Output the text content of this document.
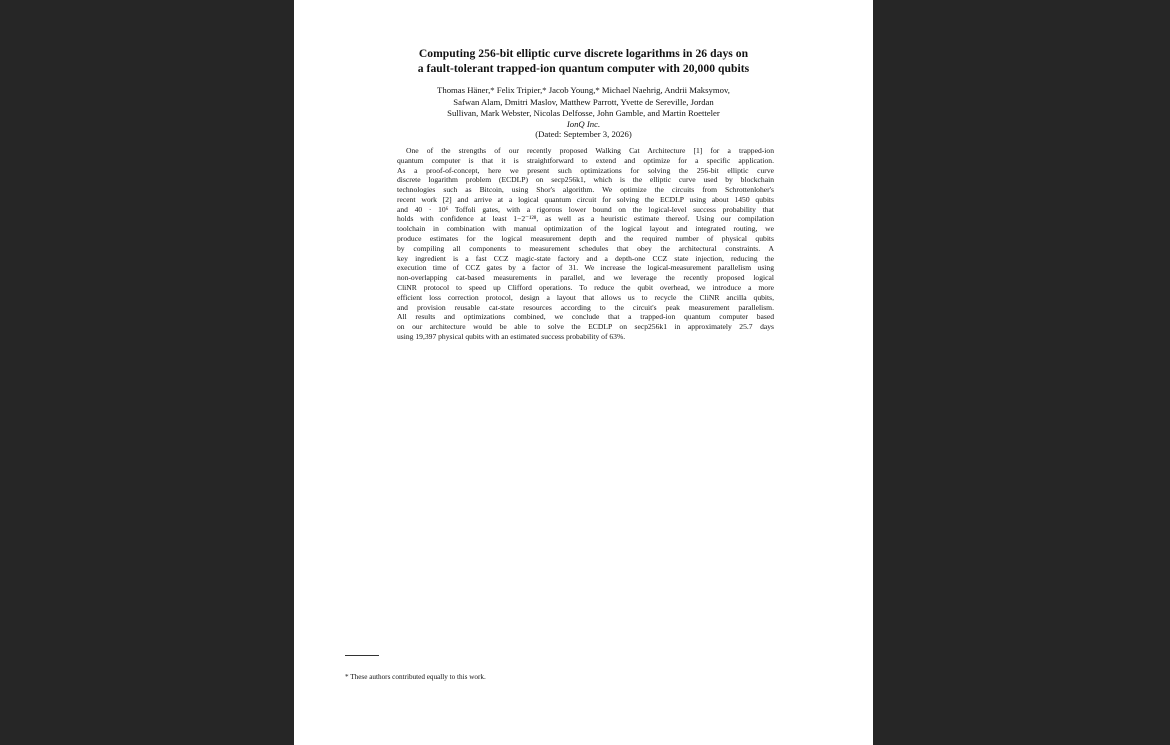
Computing 256-bit elliptic curve discrete logarithms in 26 days on
a fault-tolerant trapped-ion quantum computer with 20,000 qubits
Thomas Häner,* Felix Tripier,* Jacob Young,* Michael Naehrig, Andrii Maksymov,
Safwan Alam, Dmitri Maslov, Matthew Parrott, Yvette de Sereville, Jordan
Sullivan, Mark Webster, Nicolas Delfosse, John Gamble, and Martin Roetteler
IonQ Inc.
(Dated: September 3, 2026)
One of the strengths of our recently proposed Walking Cat Architecture [1] for a trapped-ion
quantum computer is that it is straightforward to extend and optimize for a specific application.
As a proof-of-concept, here we present such optimizations for solving the 256-bit elliptic curve
discrete logarithm problem (ECDLP) on secp256k1, which is the elliptic curve used by blockchain
technologies such as Bitcoin, using Shor's algorithm. We optimize the circuits from Schrottenloher's
recent work [2] and arrive at a logical quantum circuit for solving the ECDLP using about 1450 qubits
and 40 · 10⁶ Toffoli gates, with a rigorous lower bound on the logical-level success probability that
holds with confidence at least 1−2⁻¹²⁸, as well as a heuristic estimate thereof. Using our compilation
toolchain in combination with manual optimization of the logical layout and integrated routing, we
produce estimates for the logical measurement depth and the required number of physical qubits
by compiling all components to measurement schedules that obey the architectural constraints. A
key ingredient is a fast CCZ magic-state factory and a depth-one CCZ state injection, reducing the
execution time of CCZ gates by a factor of 31. We increase the logical-measurement parallelism using
non-overlapping cat-based measurements in parallel, and we leverage the recently proposed logical
CliNR protocol to speed up Clifford operations. To reduce the qubit overhead, we introduce a more
efficient loss correction protocol, design a layout that allows us to recycle the CliNR ancilla qubits,
and provision reusable cat-state resources according to the circuit's peak measurement parallelism.
All results and optimizations combined, we conclude that a trapped-ion quantum computer based
on our architecture would be able to solve the ECDLP on secp256k1 in approximately 25.7 days
using 19,397 physical qubits with an estimated success probability of 63%.
* These authors contributed equally to this work.
